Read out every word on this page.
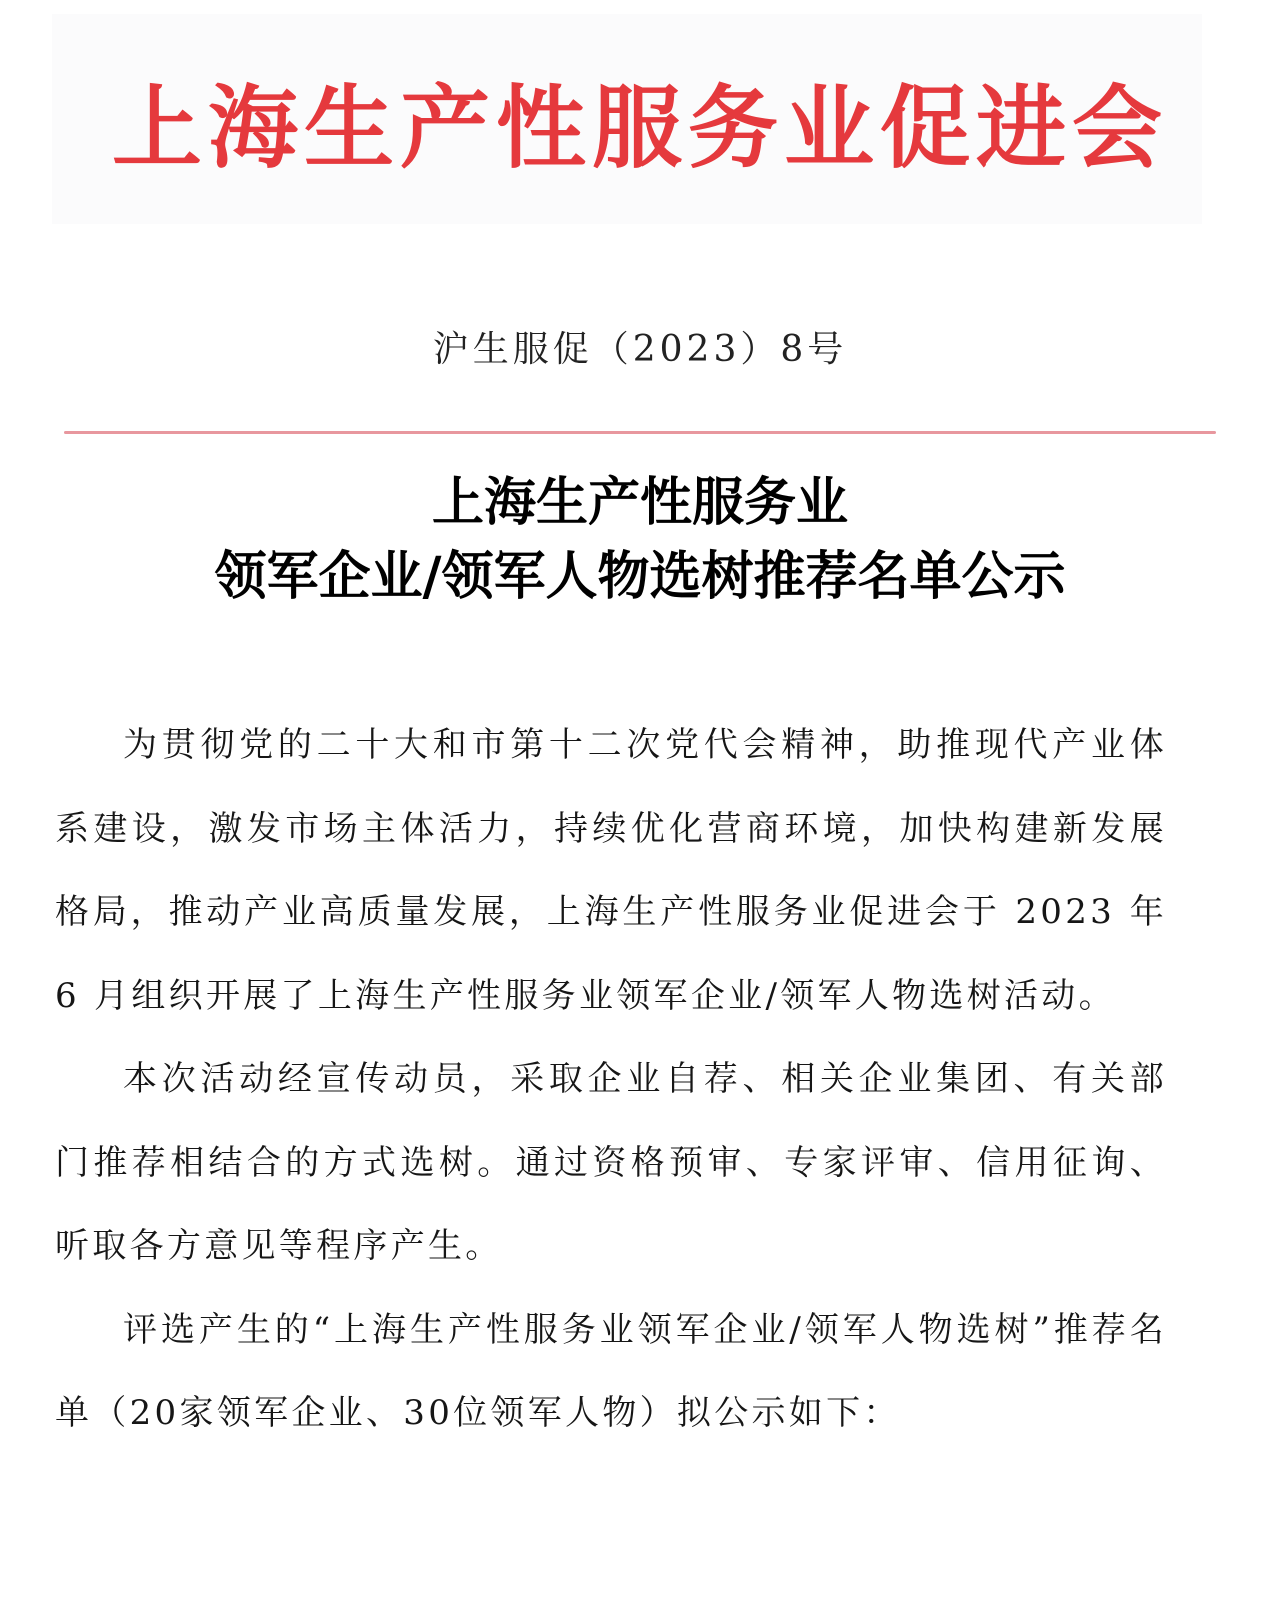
上海生产性服务业促进会
沪生服促（2023）8号
上海生产性服务业
领军企业/领军人物选树推荐名单公示

为贯彻党的二十大和市第十二次党代会精神，助推现代产业体系建设，激发市场主体活力，持续优化营商环境，加快构建新发展格局，推动产业高质量发展，上海生产性服务业促进会于 2023 年 6 月组织开展了上海生产性服务业领军企业/领军人物选树活动。

本次活动经宣传动员，采取企业自荐、相关企业集团、有关部门推荐相结合的方式选树。通过资格预审、专家评审、信用征询、听取各方意见等程序产生。

评选产生的“上海生产性服务业领军企业/领军人物选树”推荐名单（20家领军企业、30位领军人物）拟公示如下：
